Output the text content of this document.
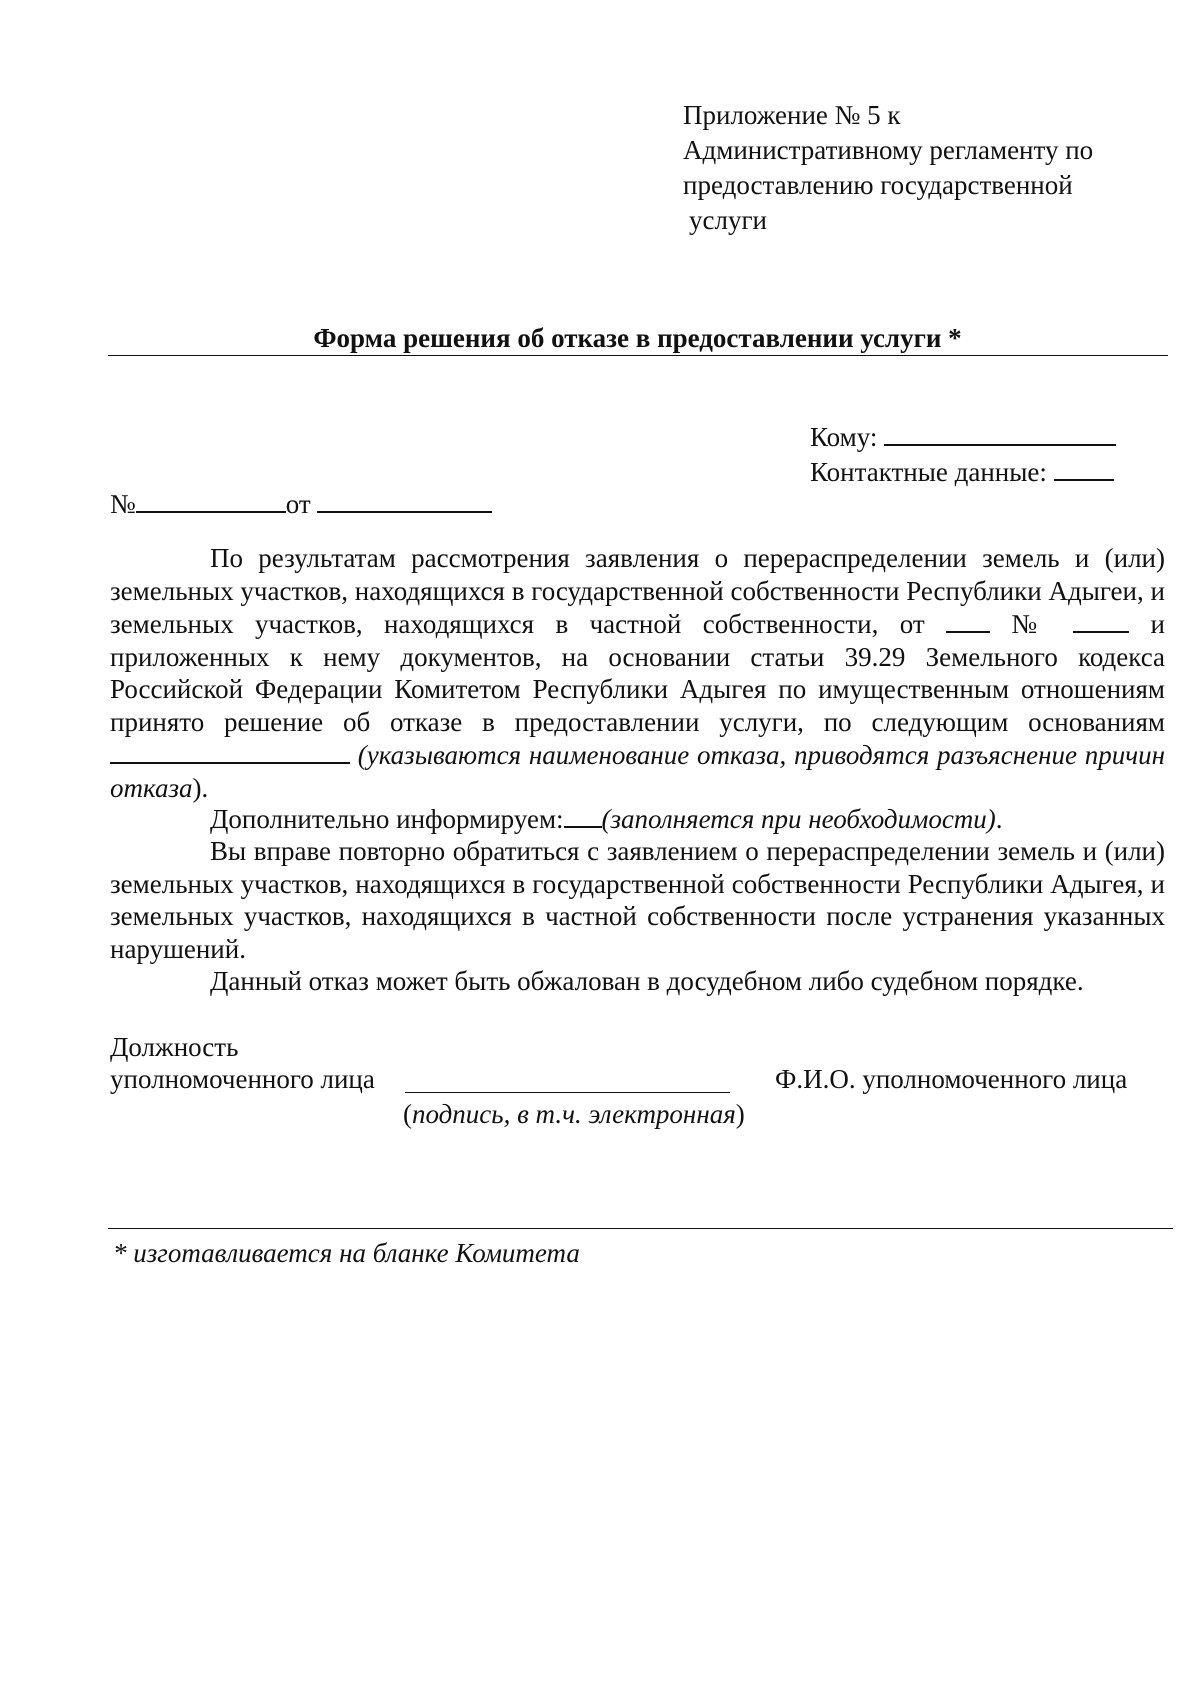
Приложение № 5 к

Административному регламенту по

предоставлению государственной

услуги

Форма решения об отказе в предоставлении услуги *

Кому:

Контактные данные:

№	от

По результатам рассмотрения заявления о перераспределении земель и (или) земельных участков, находящихся в государственной собственности Республики Адыгеи, и земельных участков, находящихся в частной собственности, от	№	и приложенных к нему документов, на основании статьи 39.29 Земельного кодекса Российской Федерации Комитетом Республики Адыгея по имущественным отношениям принято решение об отказе в предоставлении услуги, по следующим основаниям (указываются наименование отказа, приводятся разъяснение причин отказа).

Дополнительно информируем: (заполняется при необходимости).

Вы вправе повторно обратиться с заявлением о перераспределении земель и (или) земельных участков, находящихся в государственной собственности Республики Адыгея, и земельных участков, находящихся в частной собственности после устранения указанных нарушений.

Данный отказ может быть обжалован в досудебном либо судебном порядке.

Должность

уполномоченного лица	Ф.И.О. уполномоченного лица

(подпись, в т.ч. электронная)

* изготавливается на бланке Комитета
